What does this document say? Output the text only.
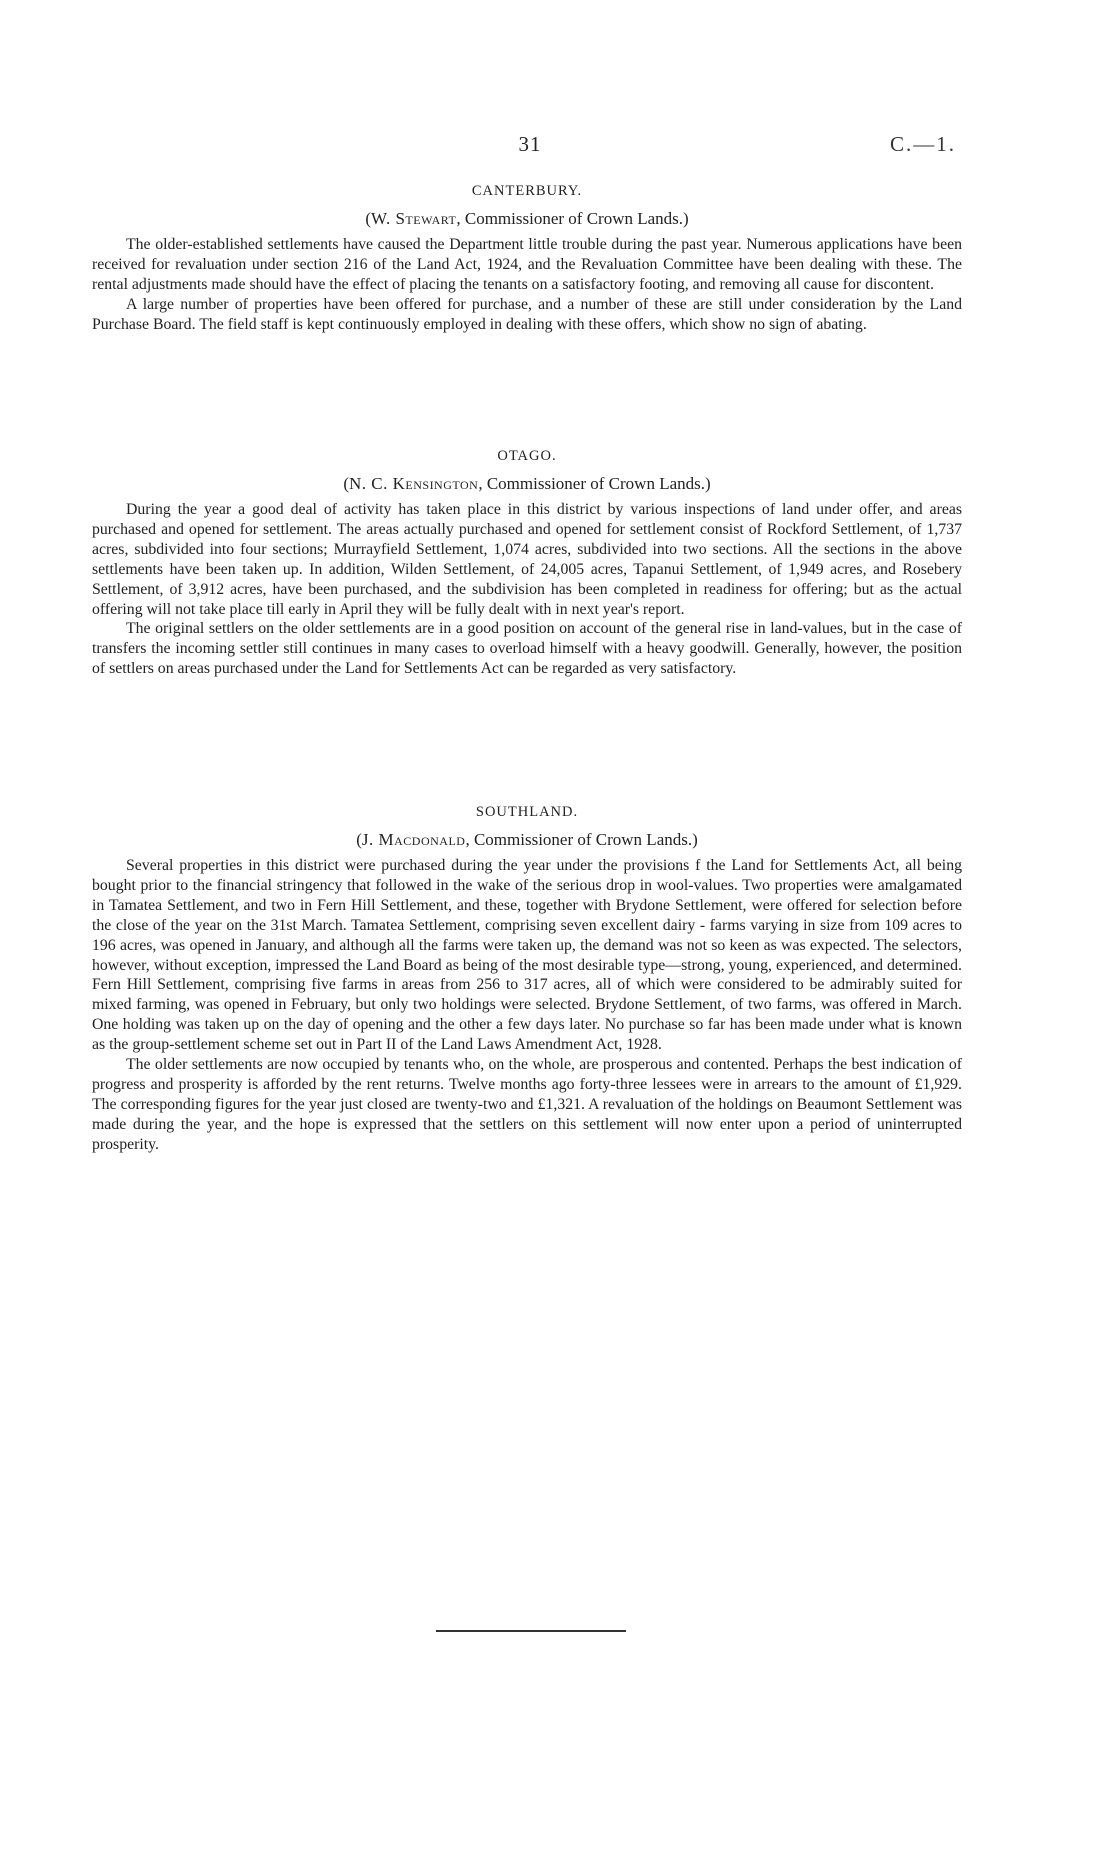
31	C.—1.
CANTERBURY.
(W. Stewart, Commissioner of Crown Lands.)

The older-established settlements have caused the Department little trouble during the past year. Numerous applications have been received for revaluation under section 216 of the Land Act, 1924, and the Revaluation Committee have been dealing with these. The rental adjustments made should have the effect of placing the tenants on a satisfactory footing, and removing all cause for discontent.

A large number of properties have been offered for purchase, and a number of these are still under consideration by the Land Purchase Board. The field staff is kept continuously employed in dealing with these offers, which show no sign of abating.

OTAGO.
(N. C. Kensington, Commissioner of Crown Lands.)

During the year a good deal of activity has taken place in this district by various inspections of land under offer, and areas purchased and opened for settlement. The areas actually purchased and opened for settlement consist of Rockford Settlement, of 1,737 acres, subdivided into four sections; Murrayfield Settlement, 1,074 acres, subdivided into two sections. All the sections in the above settlements have been taken up. In addition, Wilden Settlement, of 24,005 acres, Tapanui Settlement, of 1,949 acres, and Rosebery Settlement, of 3,912 acres, have been purchased, and the subdivision has been completed in readiness for offering; but as the actual offering will not take place till early in April they will be fully dealt with in next year's report.

The original settlers on the older settlements are in a good position on account of the general rise in land-values, but in the case of transfers the incoming settler still continues in many cases to overload himself with a heavy goodwill. Generally, however, the position of settlers on areas purchased under the Land for Settlements Act can be regarded as very satisfactory.

SOUTHLAND.
(J. Macdonald, Commissioner of Crown Lands.)

Several properties in this district were purchased during the year under the provisions f the Land for Settlements Act, all being bought prior to the financial stringency that followed in the wake of the serious drop in wool-values. Two properties were amalgamated in Tamatea Settlement, and two in Fern Hill Settlement, and these, together with Brydone Settlement, were offered for selection before the close of the year on the 31st March. Tamatea Settlement, comprising seven excellent dairy - farms varying in size from 109 acres to 196 acres, was opened in January, and although all the farms were taken up, the demand was not so keen as was expected. The selectors, however, without exception, impressed the Land Board as being of the most desirable type—strong, young, experienced, and determined. Fern Hill Settlement, comprising five farms in areas from 256 to 317 acres, all of which were considered to be admirably suited for mixed farming, was opened in February, but only two holdings were selected. Brydone Settlement, of two farms, was offered in March. One holding was taken up on the day of opening and the other a few days later. No purchase so far has been made under what is known as the group-settlement scheme set out in Part II of the Land Laws Amendment Act, 1928.

The older settlements are now occupied by tenants who, on the whole, are prosperous and contented. Perhaps the best indication of progress and prosperity is afforded by the rent returns. Twelve months ago forty-three lessees were in arrears to the amount of £1,929. The corresponding figures for the year just closed are twenty-two and £1,321. A revaluation of the holdings on Beaumont Settlement was made during the year, and the hope is expressed that the settlers on this settlement will now enter upon a period of uninterrupted prosperity.
